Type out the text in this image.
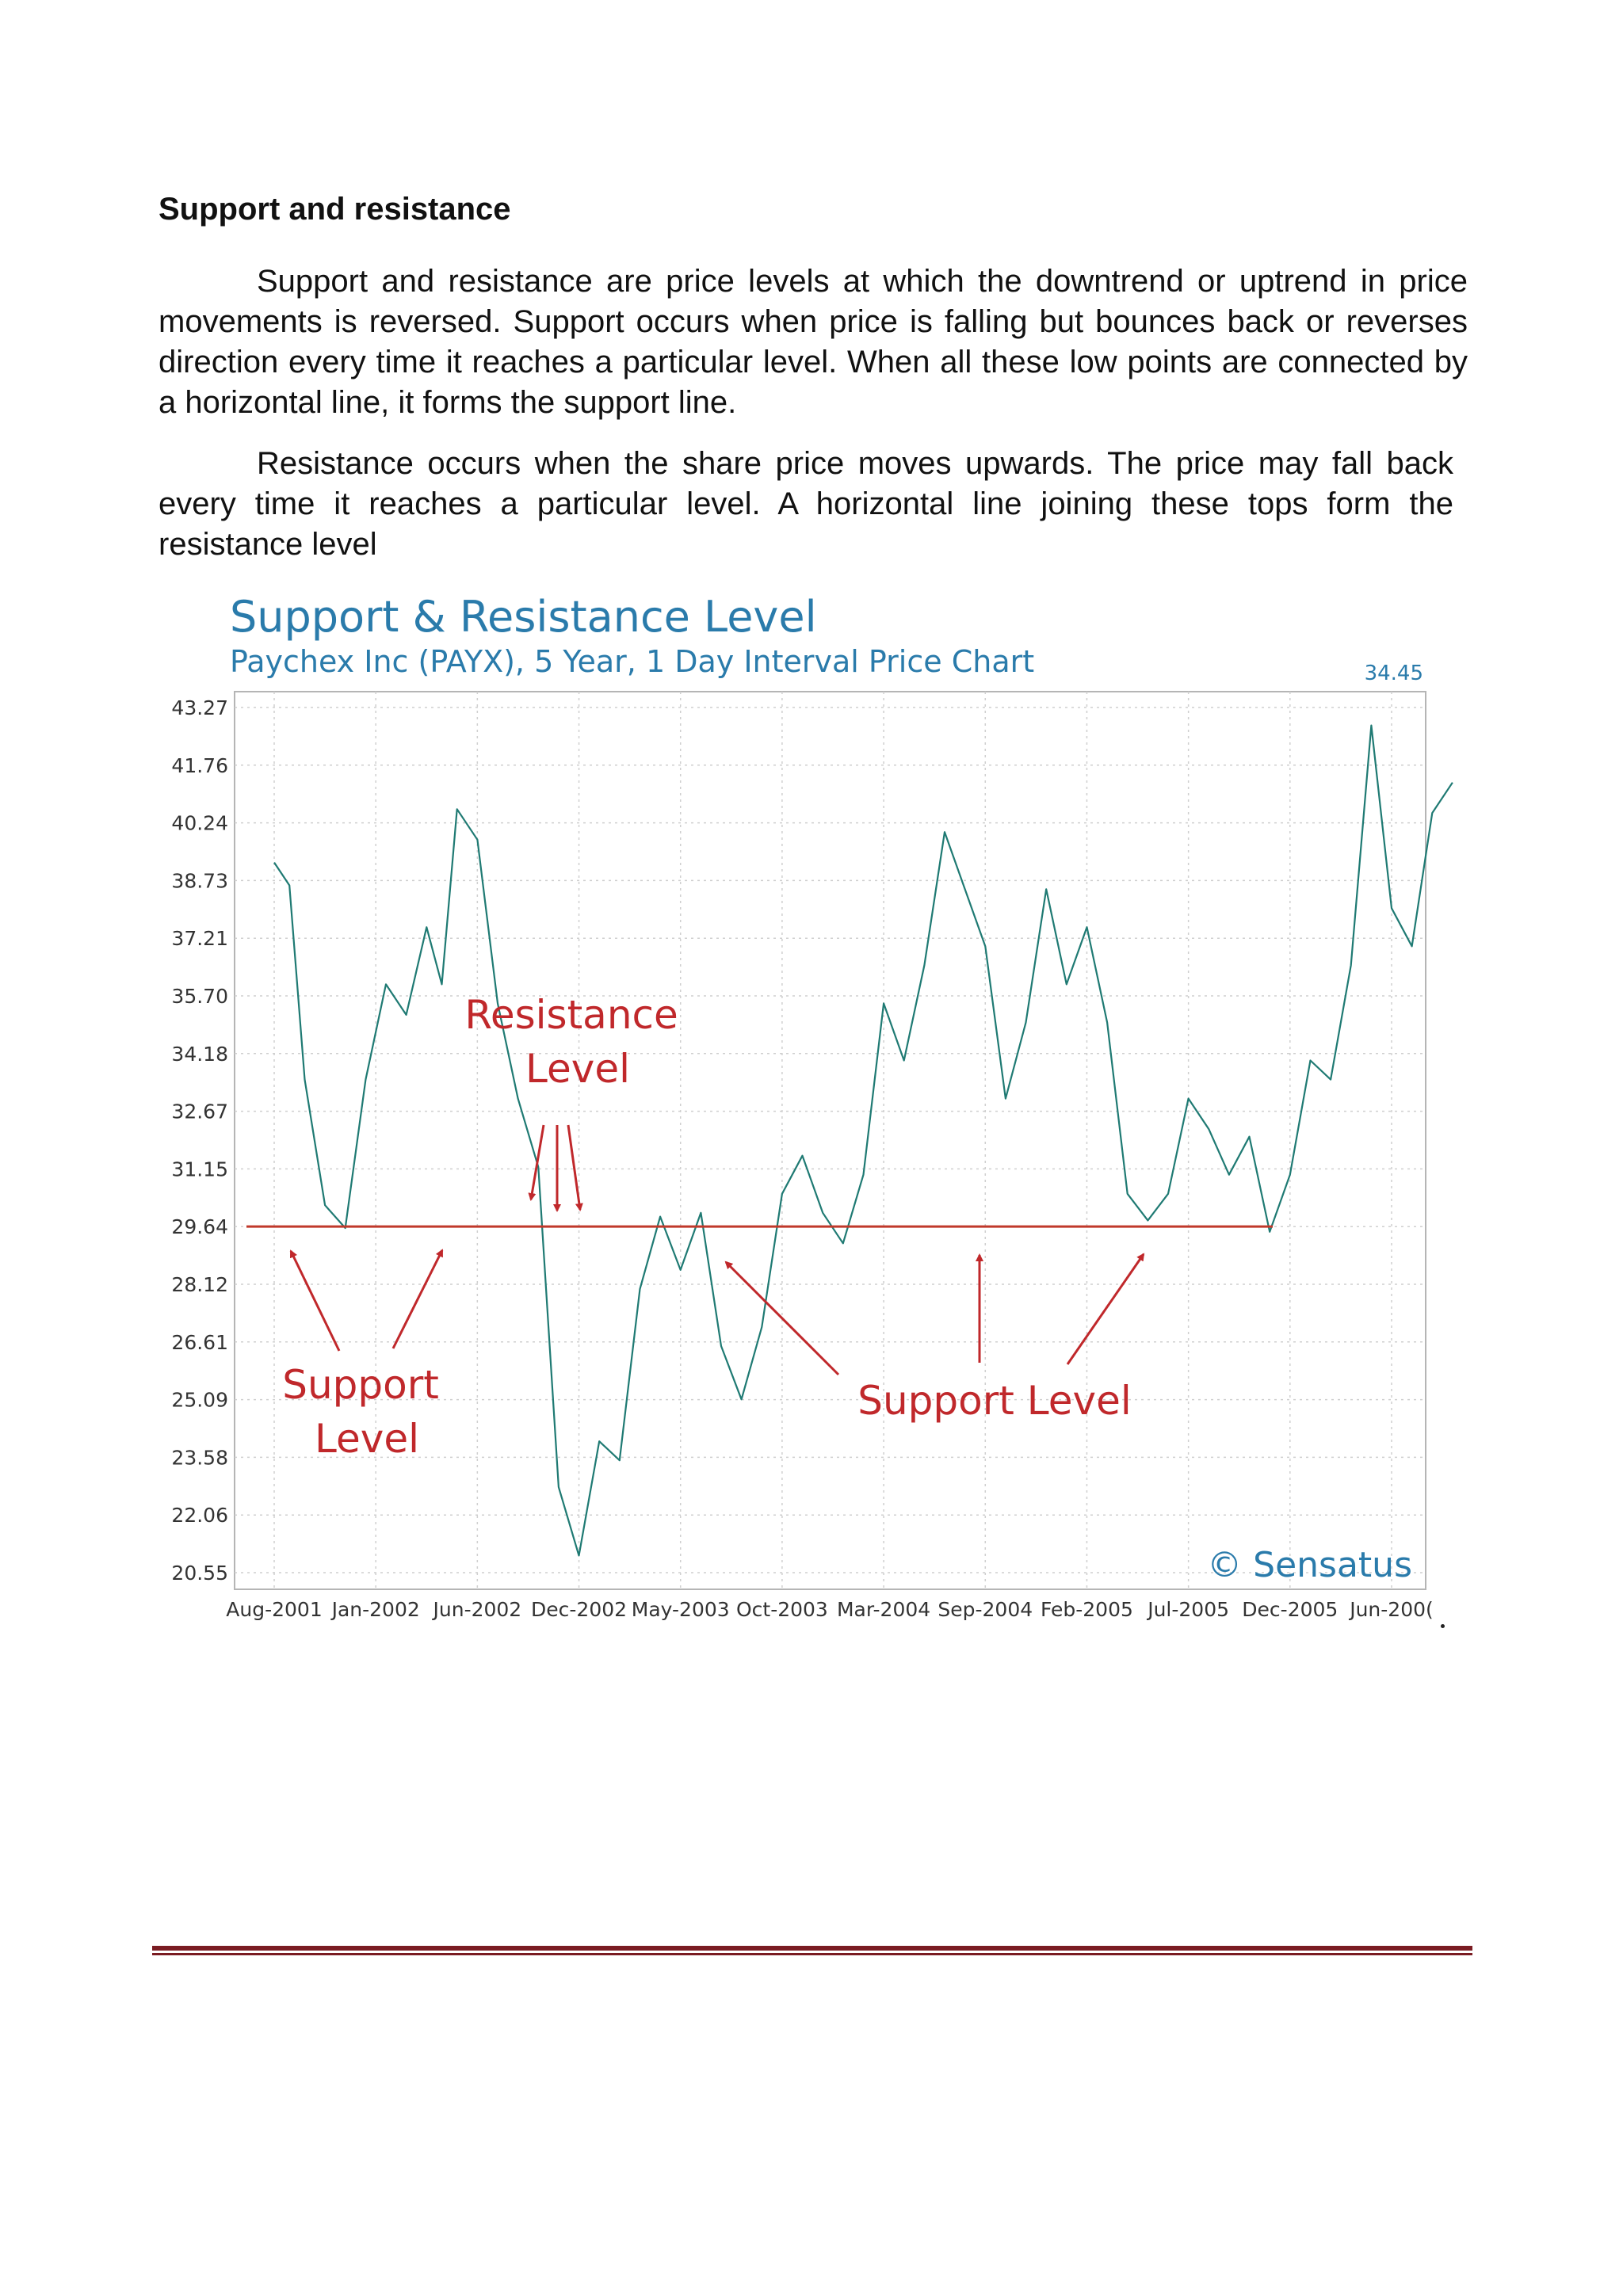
Support and resistance

Support and resistance are price levels at which the downtrend or uptrend in price movements is reversed. Support occurs when price is falling but bounces back or reverses direction every time it reaches a particular level. When all these low points are connected by a horizontal line, it forms the support line.

Resistance occurs when the share price moves upwards. The price may fall back every time it reaches a particular level. A horizontal line joining these tops form the resistance level

Support & Resistance Level
Paychex Inc (PAYX), 5 Year, 1 Day Interval Price Chart	34.45
43.27
41.76
40.24
38.73
37.21
35.70
34.18
32.67
31.15
29.64
28.12
26.61
25.09
23.58
22.06
20.55
Aug-2001 Jan-2002 Jun-2002 Dec-2002 May-2003 Oct-2003 Mar-2004 Sep-2004 Feb-2005 Jul-2005 Dec-2005 Jun-200(
Resistance Level
Support Level
Support Level
© Sensatus
